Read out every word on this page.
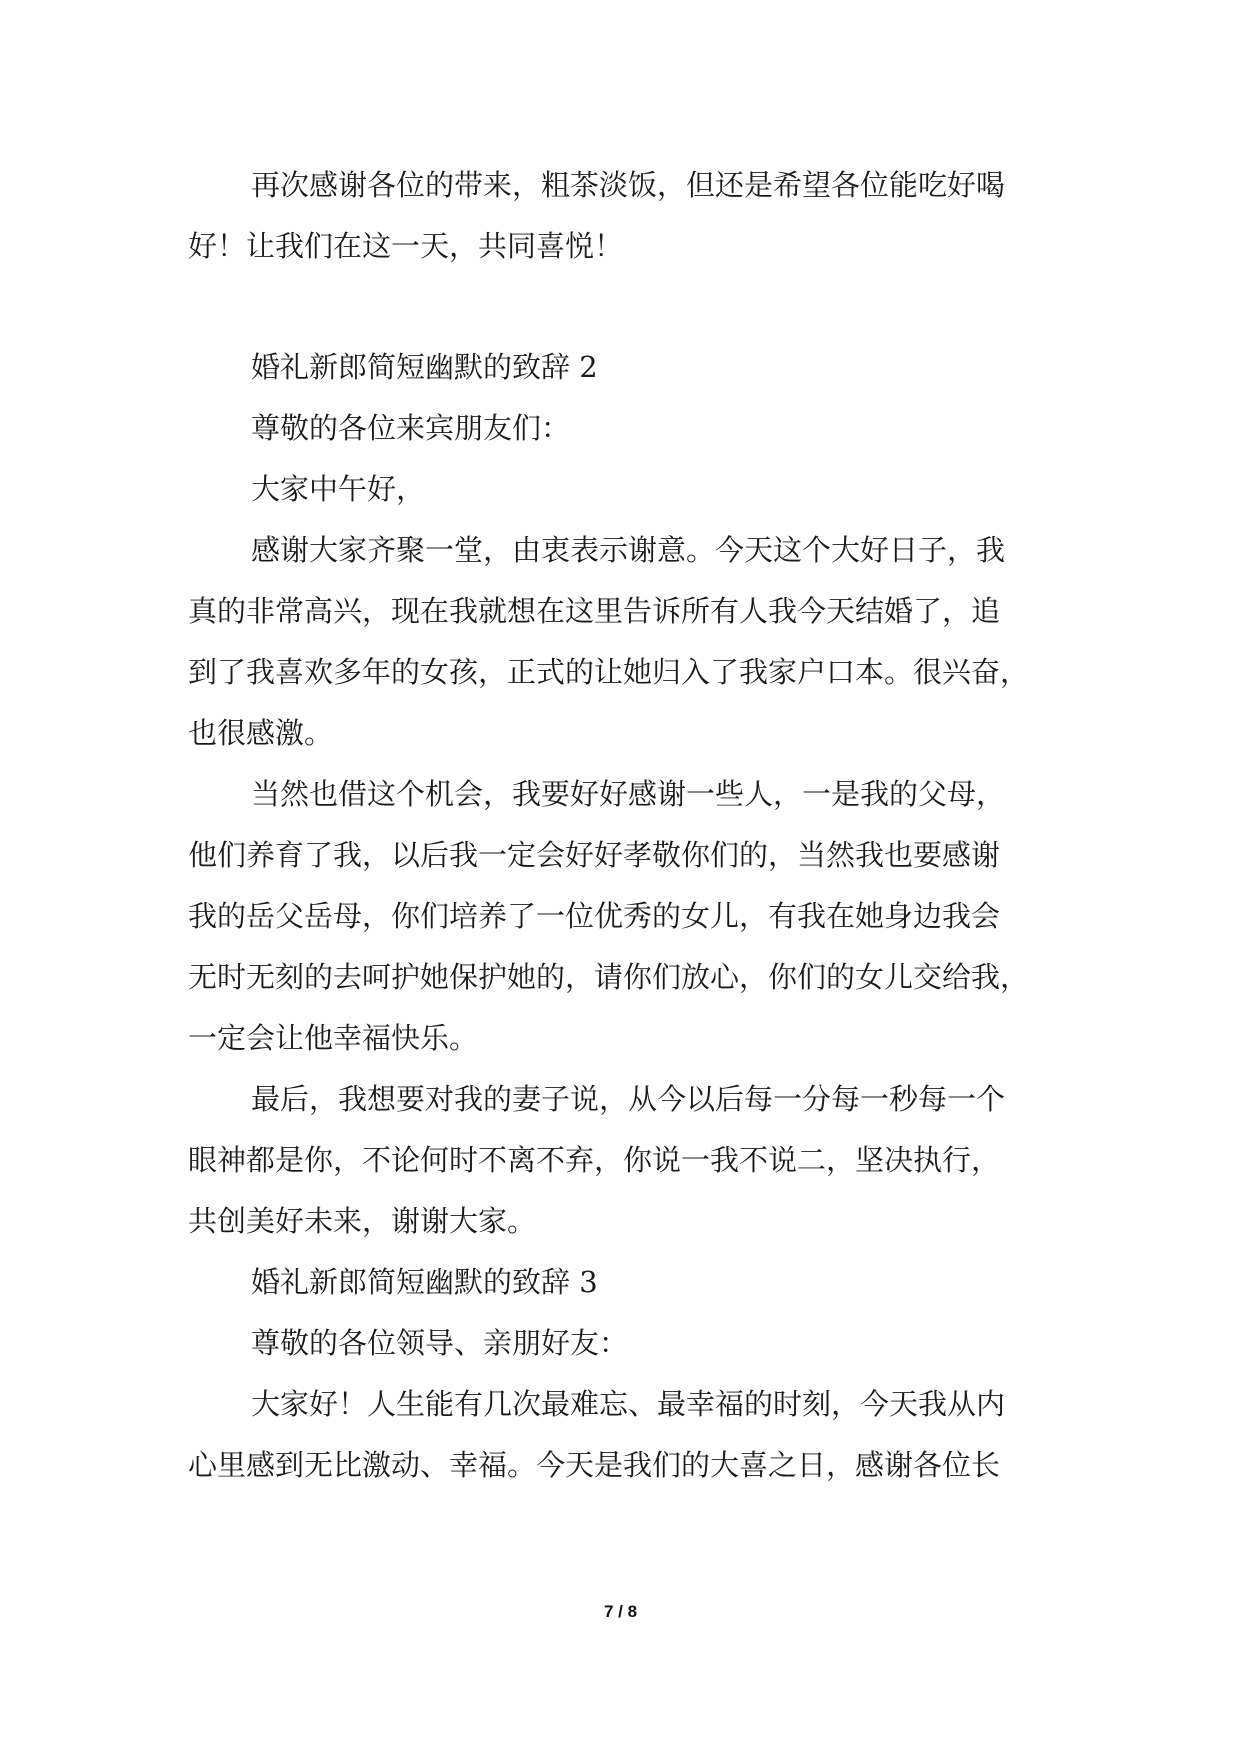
再次感谢各位的带来，粗茶淡饭，但还是希望各位能吃好喝
好！让我们在这一天，共同喜悦！
婚礼新郎简短幽默的致辞 2
尊敬的各位来宾朋友们：
大家中午好，
感谢大家齐聚一堂，由衷表示谢意。今天这个大好日子，我
真的非常高兴，现在我就想在这里告诉所有人我今天结婚了，追
到了我喜欢多年的女孩，正式的让她归入了我家户口本。很兴奋，
也很感激。
当然也借这个机会，我要好好感谢一些人，一是我的父母，
他们养育了我，以后我一定会好好孝敬你们的，当然我也要感谢
我的岳父岳母，你们培养了一位优秀的女儿，有我在她身边我会
无时无刻的去呵护她保护她的，请你们放心，你们的女儿交给我，
一定会让他幸福快乐。
最后，我想要对我的妻子说，从今以后每一分每一秒每一个
眼神都是你，不论何时不离不弃，你说一我不说二，坚决执行，
共创美好未来，谢谢大家。
婚礼新郎简短幽默的致辞 3
尊敬的各位领导、亲朋好友：
大家好！人生能有几次最难忘、最幸福的时刻，今天我从内
心里感到无比激动、幸福。今天是我们的大喜之日，感谢各位长
7 / 8
